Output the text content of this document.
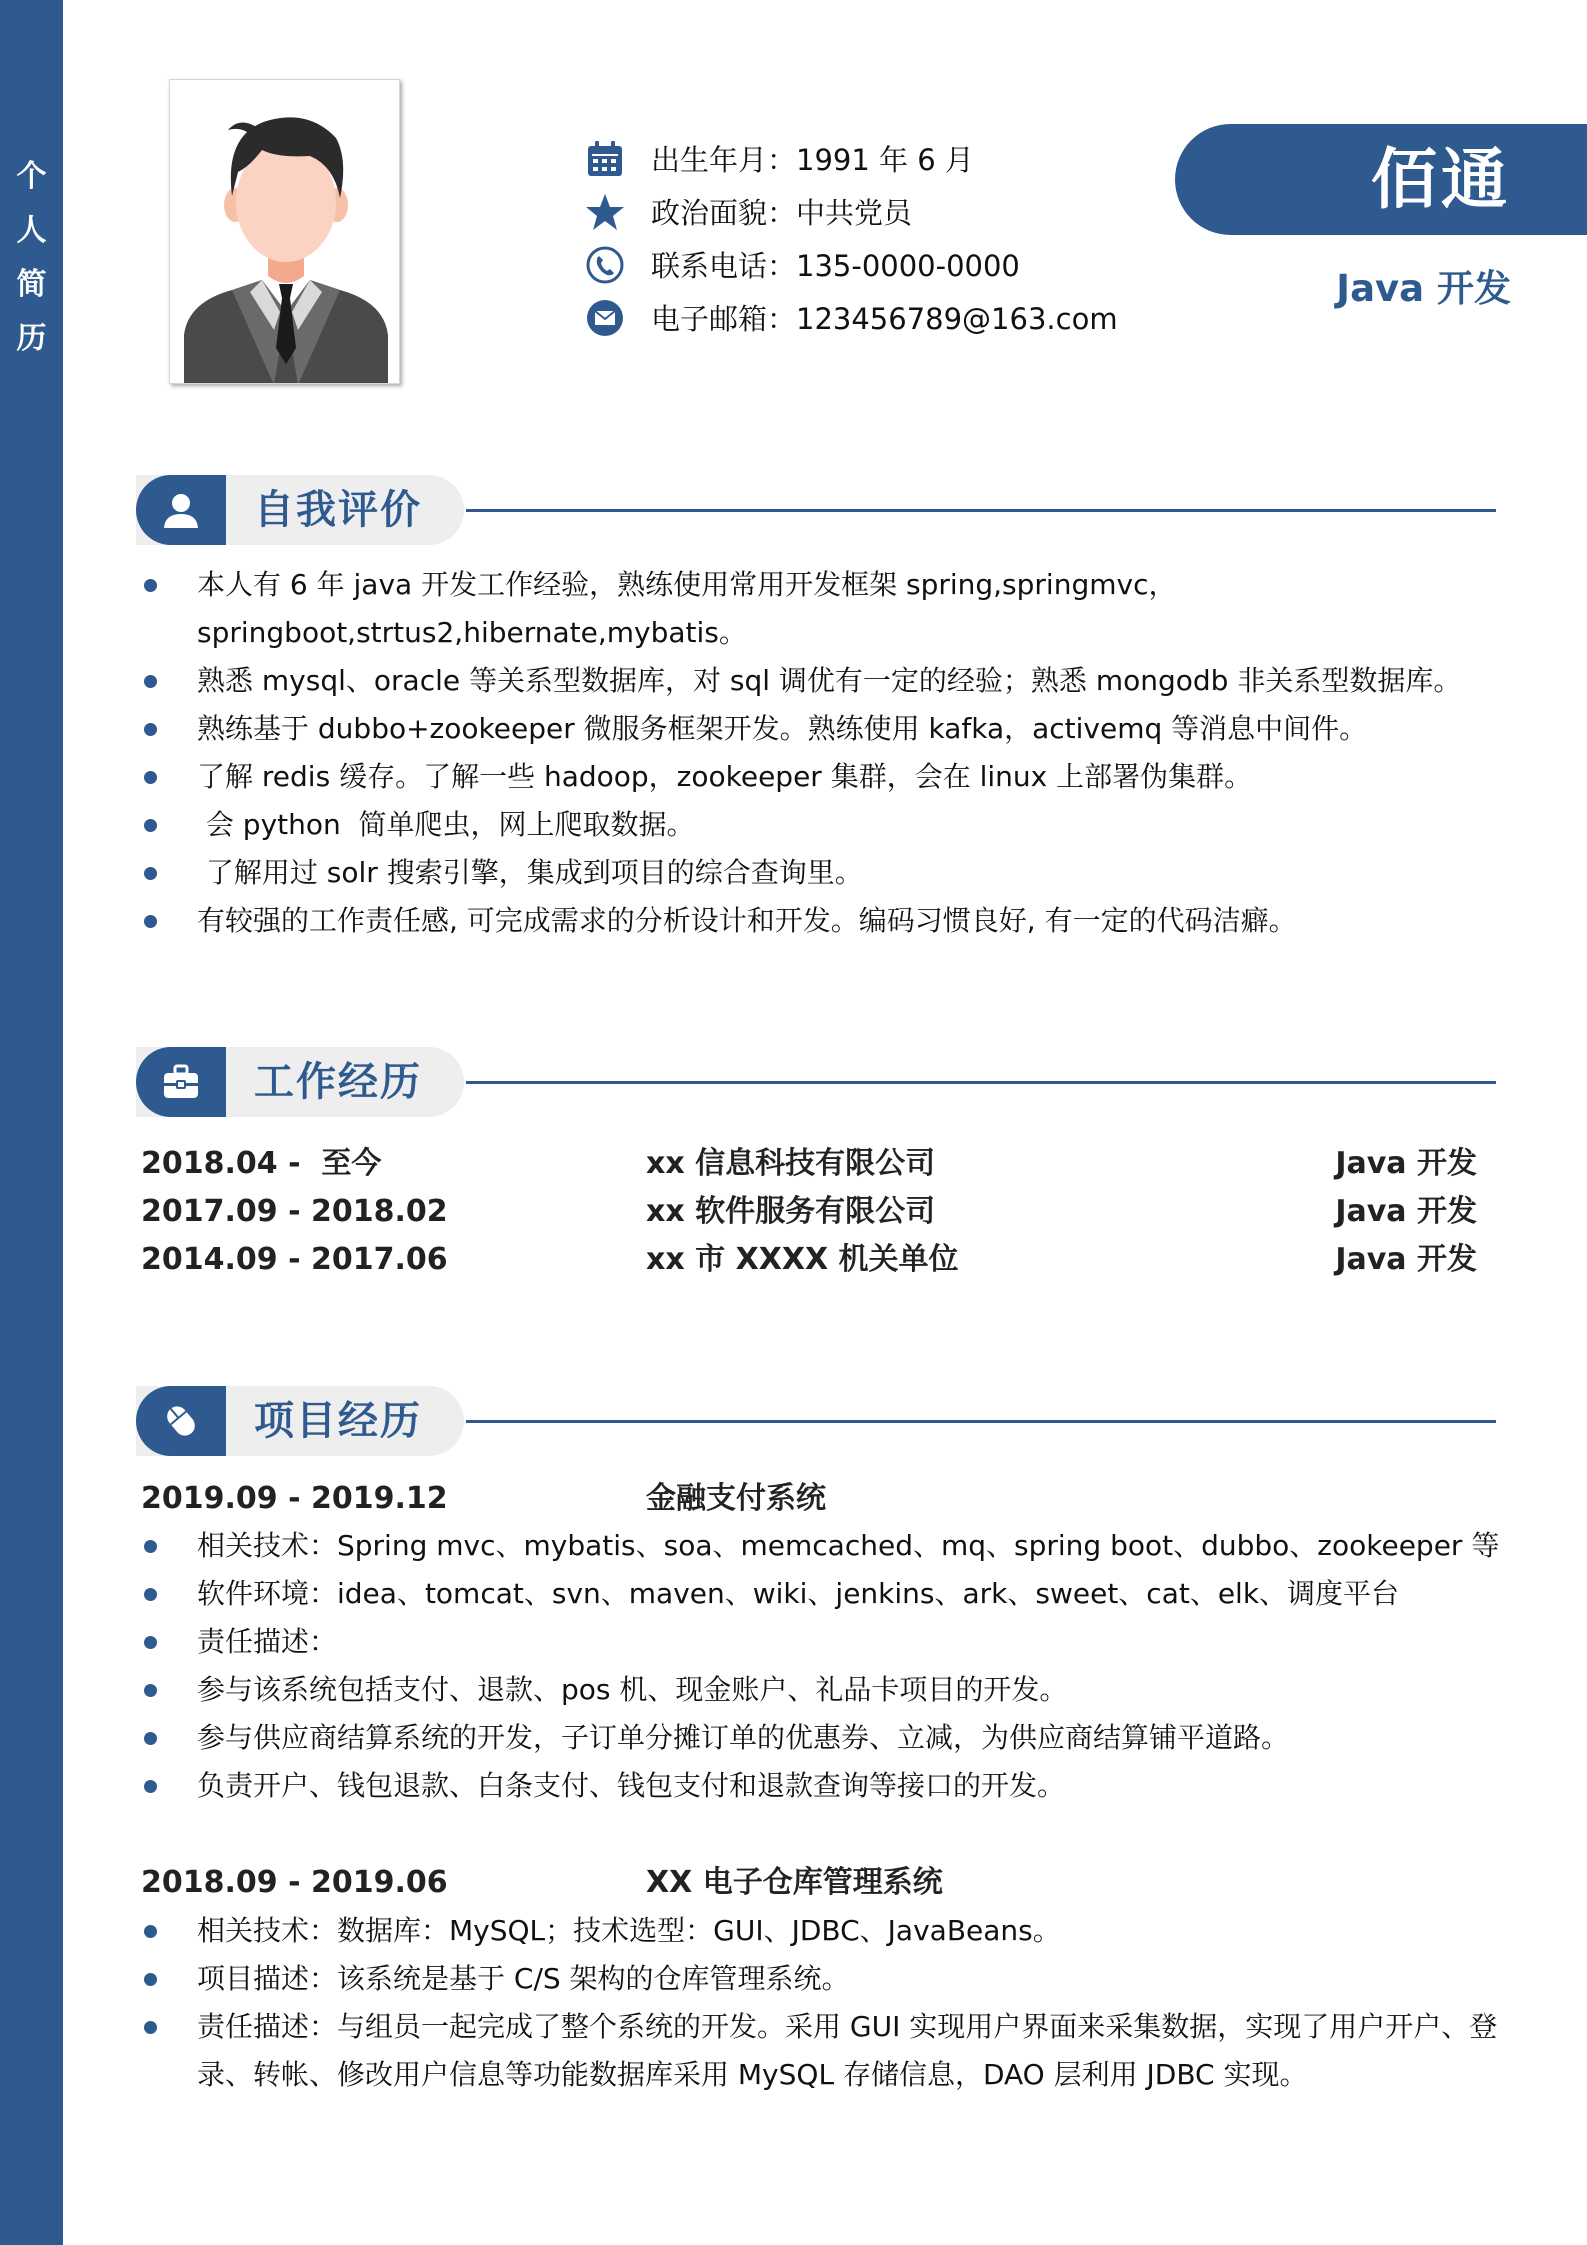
个
人
简
历
出生年月：1991 年 6 月
政治面貌：中共党员
联系电话：135-0000-0000
电子邮箱：123456789@163.com
佰通
Java 开发
自我评价
本人有 6 年 java 开发工作经验，熟练使用常用开发框架 spring,springmvc，springboot,strtus2,hibernate,mybatis。
熟悉 mysql、oracle 等关系型数据库，对 sql 调优有一定的经验；熟悉 mongodb 非关系型数据库。
熟练基于 dubbo+zookeeper 微服务框架开发。熟练使用 kafka，activemq 等消息中间件。
了解 redis 缓存。了解一些 hadoop，zookeeper 集群，会在 linux 上部署伪集群。
会 python  简单爬虫，网上爬取数据。
了解用过 solr 搜索引擎，集成到项目的综合查询里。
有较强的工作责任感, 可完成需求的分析设计和开发。编码习惯良好, 有一定的代码洁癖。
工作经历
2018.04 -  至今	xx 信息科技有限公司	Java 开发
2017.09 - 2018.02	xx 软件服务有限公司	Java 开发
2014.09 - 2017.06	xx 市 XXXX 机关单位	Java 开发
项目经历
2019.09 - 2019.12	金融支付系统
相关技术：Spring mvc、mybatis、soa、memcached、mq、spring boot、dubbo、zookeeper 等
软件环境：idea、tomcat、svn、maven、wiki、jenkins、ark、sweet、cat、elk、调度平台
责任描述：
参与该系统包括支付、退款、pos 机、现金账户、礼品卡项目的开发。
参与供应商结算系统的开发，子订单分摊订单的优惠券、立减，为供应商结算铺平道路。
负责开户、钱包退款、白条支付、钱包支付和退款查询等接口的开发。
2018.09 - 2019.06	XX 电子仓库管理系统
相关技术：数据库：MySQL；技术选型：GUI、JDBC、JavaBeans。
项目描述：该系统是基于 C/S 架构的仓库管理系统。
责任描述：与组员一起完成了整个系统的开发。采用 GUI 实现用户界面来采集数据，实现了用户开户、登录、转帐、修改用户信息等功能数据库采用 MySQL 存储信息，DAO 层利用 JDBC 实现。
